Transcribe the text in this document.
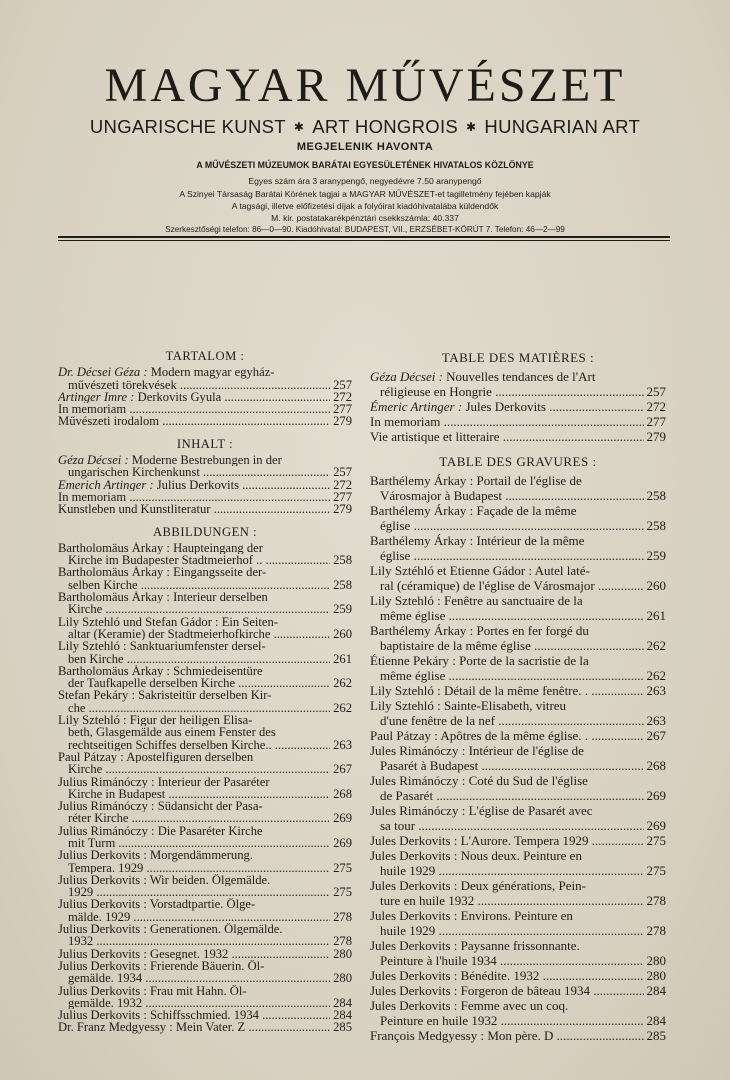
MAGYAR MŰVÉSZET
UNGARISCHE KUNST ✱ ART HONGROIS ✱ HUNGARIAN ART
MEGJELENIK HAVONTA
A MŰVÉSZETI MÚZEUMOK BARÁTAI EGYESÜLETÉNEK HIVATALOS KÖZLÖNYE
Egyes szám ára 3 aranypengő, negyedévre 7.50 aranypengő
A Szinyei Társaság Barátai Körének tagjai a MAGYAR MŰVÉSZET-et tagilletmény fejében kapják
A tagsági, illetve előfizetési díjak a folyóirat kiadóhivatalába küldendők
M. kir. postatakarékpénztári csekkszámla: 40.337
Szerkesztőségi telefon: 86—0—90. Kiadóhivatal: BUDAPEST, VII., ERZSÉBET-KÖRÚT 7. Telefon: 46—2—99
TARTALOM :
Dr. Décsei Géza : Modern magyar egyház-
művészeti törekvések .....	257
Artinger Imre : Derkovits Gyula .....	272
In memoriam .....	277
Művészeti irodalom .....	279
INHALT :
Géza Décsei : Moderne Bestrebungen in der
ungarischen Kirchenkunst .....	257
Emerich Artinger : Julius Derkovits .....	272
In memoriam .....	277
Kunstleben und Kunstliteratur .....	279
ABBILDUNGEN :
Bartholomäus Árkay : Haupteingang der
Kirche im Budapester Stadtmeierhof .. .....	258
Bartholomäus Árkay : Eingangsseite der-
selben Kirche .....	258
Bartholomäus Árkay : Interieur derselben
Kirche .....	259
Lily Sztehló und Stefan Gádor : Ein Seiten-
altar (Keramie) der Stadtmeierhofkirche .....	260
Lily Sztehló : Sanktuariumfenster dersel-
ben Kirche .....	261
Bartholomäus Árkay : Schmiedeisentüre
der Taufkapelle derselben Kirche .....	262
Stefan Pekáry : Sakristeitür derselben Kir-
che .....	262
Lily Sztehló : Figur der heiligen Elisa-
beth, Glasgemälde aus einem Fenster des
rechtseitigen Schiffes derselben Kirche.. .....	263
Paul Pátzay : Apostelfiguren derselben
Kirche .....	267
Julius Rimánóczy : Interieur der Pasaréter
Kirche in Budapest .....	268
Julius Rimánóczy : Südansicht der Pasa-
réter Kirche .....	269
Julius Rimánóczy : Die Pasaréter Kirche
mit Turm .....	269
Julius Derkovits : Morgendämmerung.
Tempera. 1929 .....	275
Julius Derkovits : Wir beiden. Ölgemälde.
1929 .....	275
Julius Derkovits : Vorstadtpartie. Ölge-
mälde. 1929 .....	278
Julius Derkovits : Generationen. Ölgemälde.
1932 .....	278
Julius Derkovits : Gesegnet. 1932 .....	280
Julius Derkovits : Frierende Bäuerin. Öl-
gemälde. 1934 .....	280
Julius Derkovits : Frau mit Hahn. Öl-
gemälde. 1932 .....	284
Julius Derkovits : Schiffsschmied. 1934 .....	284
Dr. Franz Medgyessy : Mein Vater. Z .....	285
TABLE DES MATIÈRES :
Géza Décsei : Nouvelles tendances de l'Art
réligieuse en Hongrie .....	257
Émeric Artinger : Jules Derkovits .....	272
In memoriam .....	277
Vie artistique et litteraire .....	279
TABLE DES GRAVURES :
Barthélemy Árkay : Portail de l'église de
Városmajor à Budapest .....	258
Barthélemy Árkay : Façade de la même
église .....	258
Barthélemy Árkay : Intérieur de la même
église .....	259
Lily Sztéhló et Etienne Gádor : Autel laté-
ral (céramique) de l'église de Városmajor .....	260
Lily Sztehló : Fenêtre au sanctuaire de la
même église .....	261
Barthélemy Árkay : Portes en fer forgé du
baptistaire de la même église .....	262
Étienne Pekáry : Porte de la sacristie de la
même église .....	262
Lily Sztehló : Détail de la même fenêtre. . .....	263
Lily Sztehló : Sainte-Elisabeth, vitreu
d'une fenêtre de la nef .....	263
Paul Pátzay : Apôtres de la même église. . .....	267
Jules Rimánóczy : Intérieur de l'église de
Pasarét à Budapest .....	268
Jules Rimánóczy : Coté du Sud de l'église
de Pasarét .....	269
Jules Rimánóczy : L'église de Pasarét avec
sa tour .....	269
Jules Derkovits : L'Aurore. Tempera 1929 .....	275
Jules Derkovits : Nous deux. Peinture en
huile 1929 .....	275
Jules Derkovits : Deux générations, Pein-
ture en huile 1932 .....	278
Jules Derkovits : Environs. Peinture en
huile 1929 .....	278
Jules Derkovits : Paysanne frissonnante.
Peinture à l'huile 1934 .....	280
Jules Derkovits : Bénédite. 1932 .....	280
Jules Derkovits : Forgeron de bâteau 1934 .....	284
Jules Derkovits : Femme avec un coq.
Peinture en huile 1932 .....	284
François Medgyessy : Mon père. D .....	285
